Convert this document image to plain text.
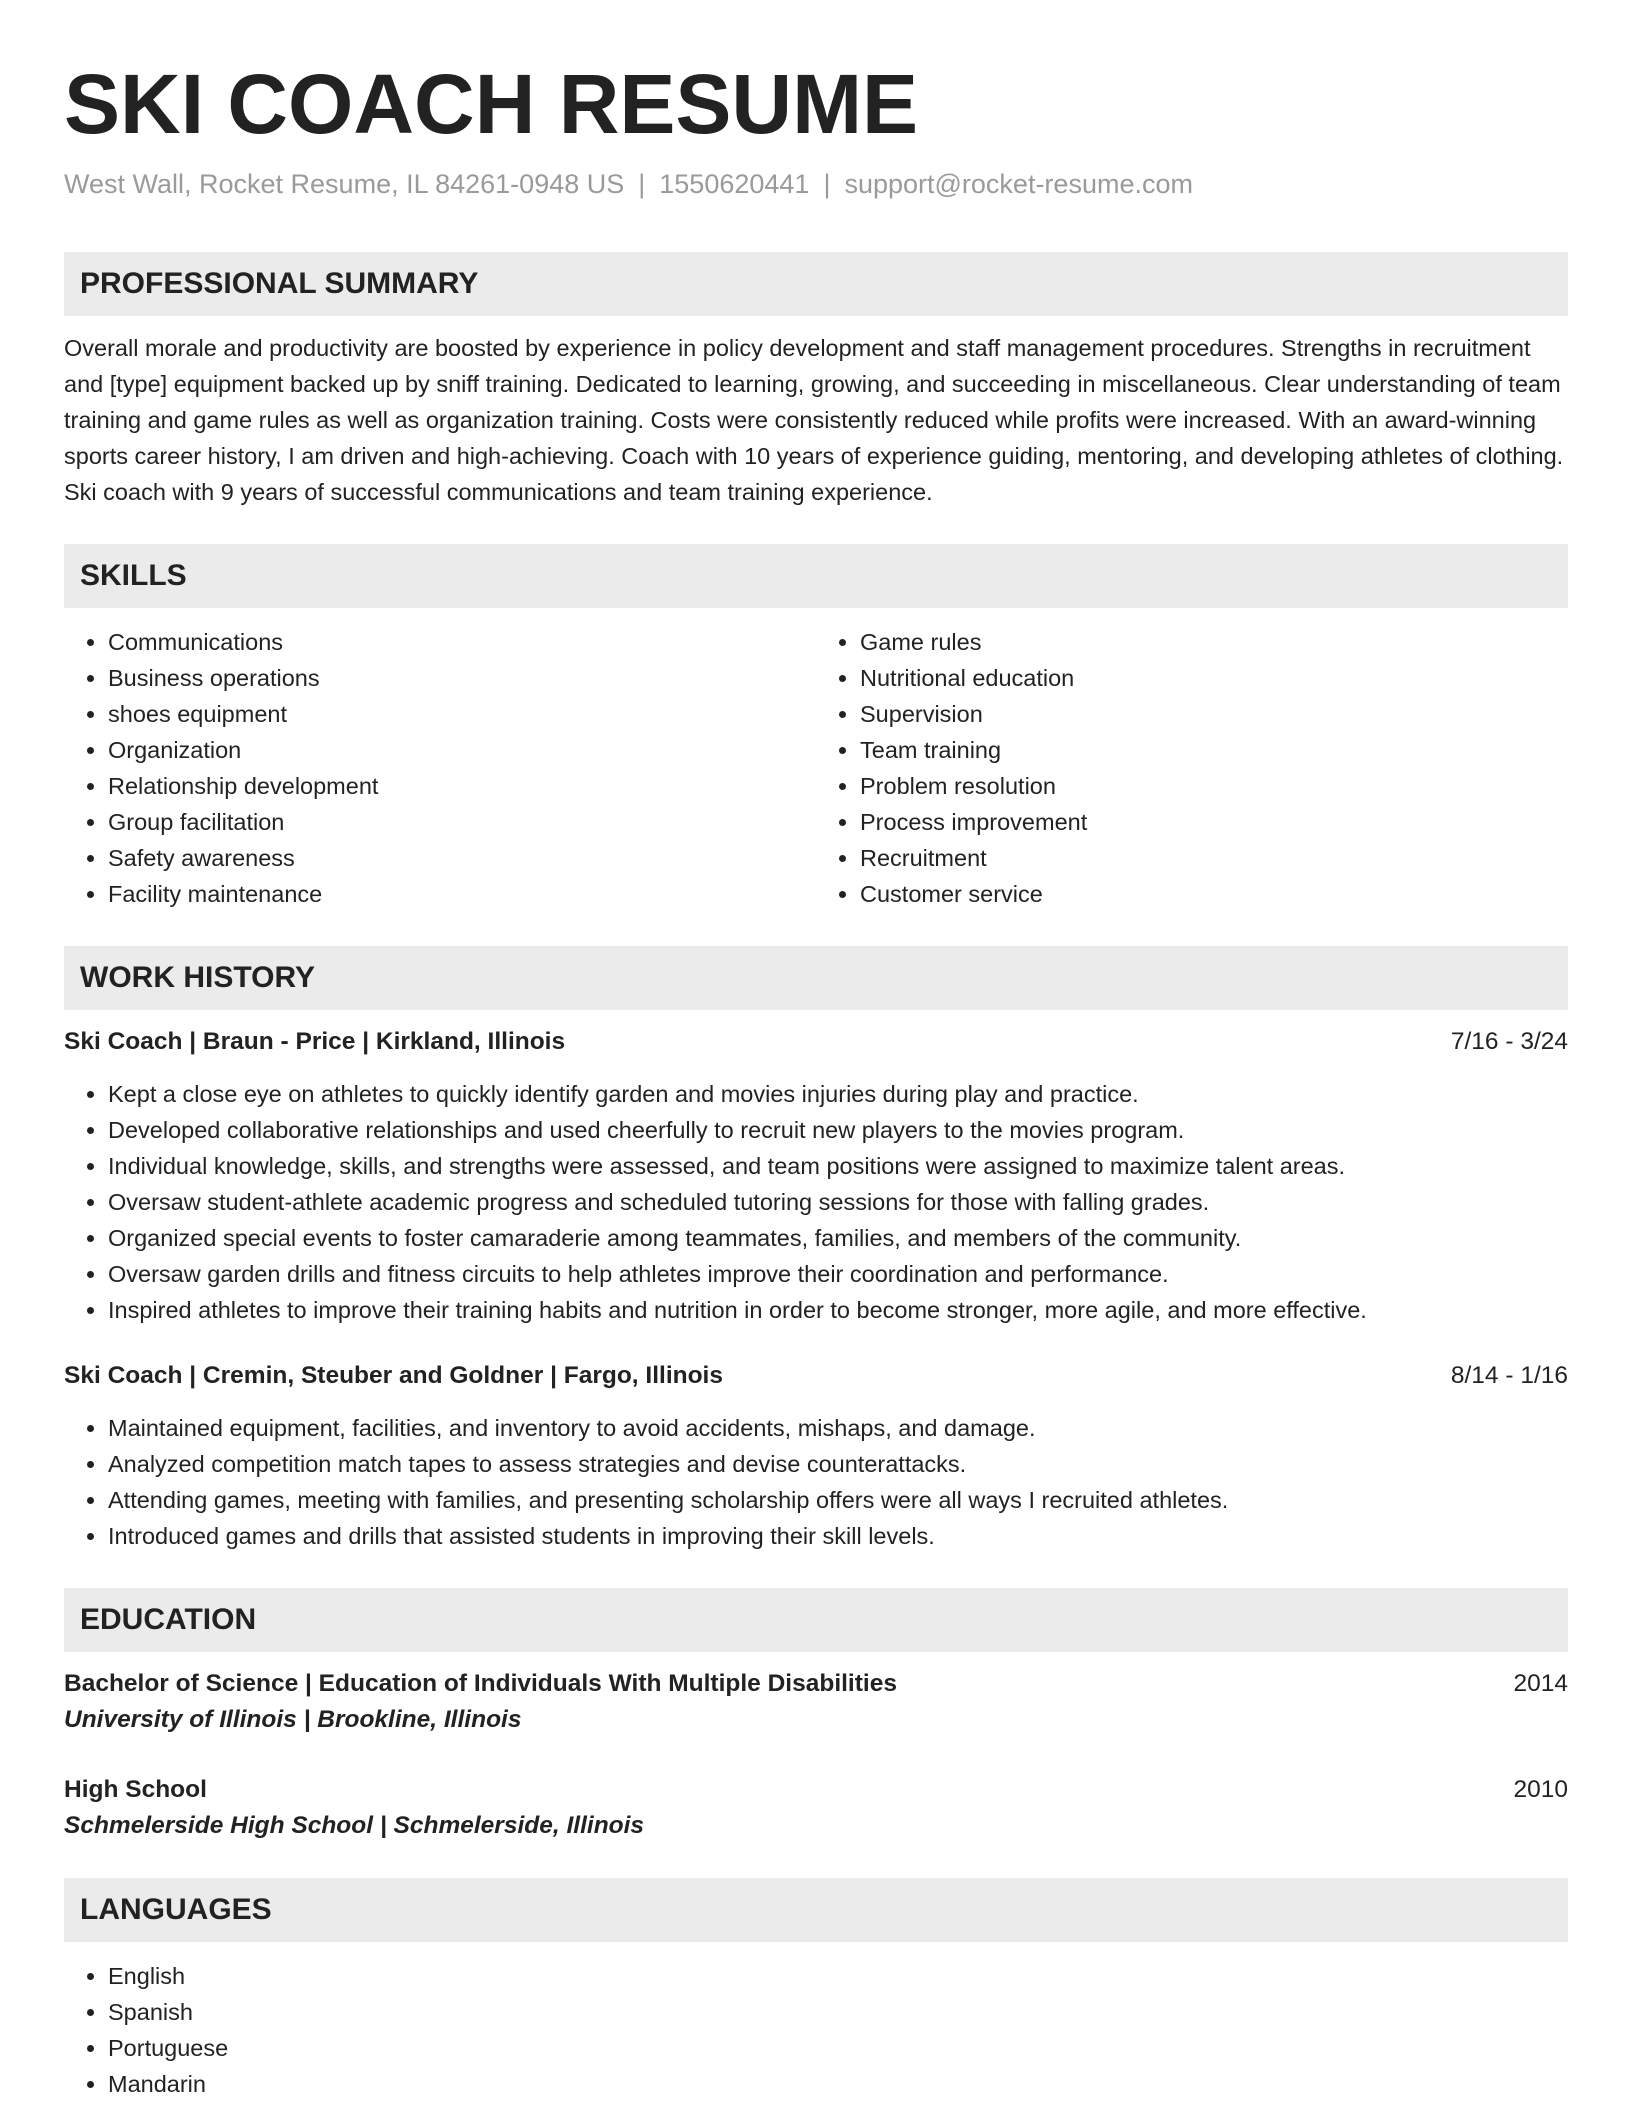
SKI COACH RESUME
West Wall, Rocket Resume, IL 84261-0948 US | 1550620441 | support@rocket-resume.com
PROFESSIONAL SUMMARY
Overall morale and productivity are boosted by experience in policy development and staff management procedures. Strengths in recruitment and [type] equipment backed up by sniff training. Dedicated to learning, growing, and succeeding in miscellaneous. Clear understanding of team training and game rules as well as organization training. Costs were consistently reduced while profits were increased. With an award-winning sports career history, I am driven and high-achieving. Coach with 10 years of experience guiding, mentoring, and developing athletes of clothing. Ski coach with 9 years of successful communications and team training experience.
SKILLS
• Communications
• Business operations
• shoes equipment
• Organization
• Relationship development
• Group facilitation
• Safety awareness
• Facility maintenance
• Game rules
• Nutritional education
• Supervision
• Team training
• Problem resolution
• Process improvement
• Recruitment
• Customer service
WORK HISTORY
Ski Coach | Braun - Price | Kirkland, Illinois	7/16 - 3/24
• Kept a close eye on athletes to quickly identify garden and movies injuries during play and practice.
• Developed collaborative relationships and used cheerfully to recruit new players to the movies program.
• Individual knowledge, skills, and strengths were assessed, and team positions were assigned to maximize talent areas.
• Oversaw student-athlete academic progress and scheduled tutoring sessions for those with falling grades.
• Organized special events to foster camaraderie among teammates, families, and members of the community.
• Oversaw garden drills and fitness circuits to help athletes improve their coordination and performance.
• Inspired athletes to improve their training habits and nutrition in order to become stronger, more agile, and more effective.
Ski Coach | Cremin, Steuber and Goldner | Fargo, Illinois	8/14 - 1/16
• Maintained equipment, facilities, and inventory to avoid accidents, mishaps, and damage.
• Analyzed competition match tapes to assess strategies and devise counterattacks.
• Attending games, meeting with families, and presenting scholarship offers were all ways I recruited athletes.
• Introduced games and drills that assisted students in improving their skill levels.
EDUCATION
Bachelor of Science | Education of Individuals With Multiple Disabilities	2014
University of Illinois | Brookline, Illinois
High School	2010
Schmelerside High School | Schmelerside, Illinois
LANGUAGES
• English
• Spanish
• Portuguese
• Mandarin
